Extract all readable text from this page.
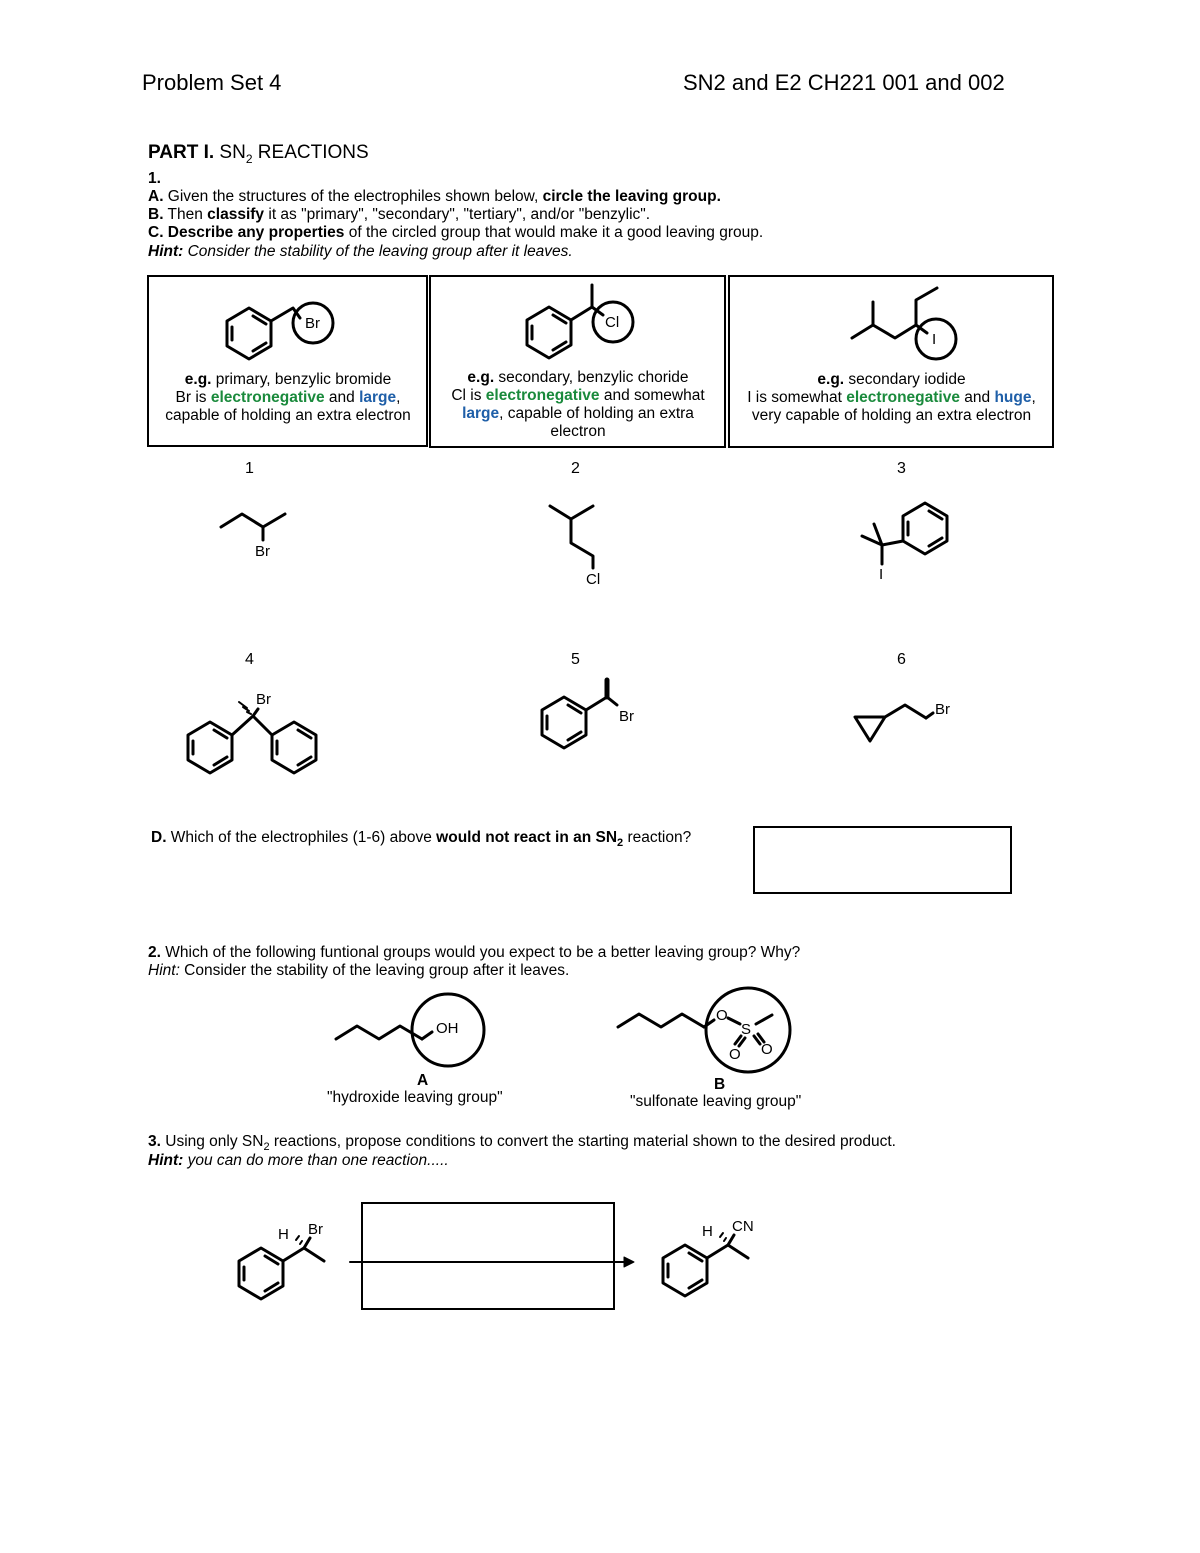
Problem Set 4	SN2 and E2 CH221 001 and 002
PART I. $SN_2$ REACTIONS
1.
A. Given the structures of the electrophiles shown below, circle the leaving group.
B. Then classify it as "primary", "secondary", "tertiary", and/or "benzylic".
C. Describe any properties of the circled group that would make it a good leaving group.
Hint: Consider the stability of the leaving group after it leaves.
Br
e.g. primary, benzylic bromide
Br is electronegative and large,
capable of holding an extra electron
Cl
e.g. secondary, benzylic choride
Cl is electronegative and somewhat
large, capable of holding an extra
electron
I
e.g. secondary iodide
I is somewhat electronegative and huge,
very capable of holding an extra electron
1	2	3
4	5	6
Br
Cl	I
Br
Br	Br
D. Which of the electrophiles (1-6) above would not react in an $SN_2$ reaction?
2. Which of the following funtional groups would you expect to be a better leaving group? Why?
Hint: Consider the stability of the leaving group after it leaves.
OH
A
"hydroxide leaving group"
O
S
O O
B
"sulfonate leaving group"
3. Using only $SN_2$ reactions, propose conditions to convert the starting material shown to the desired product.
Hint: you can do more than one reaction.....
H Br	H CN
